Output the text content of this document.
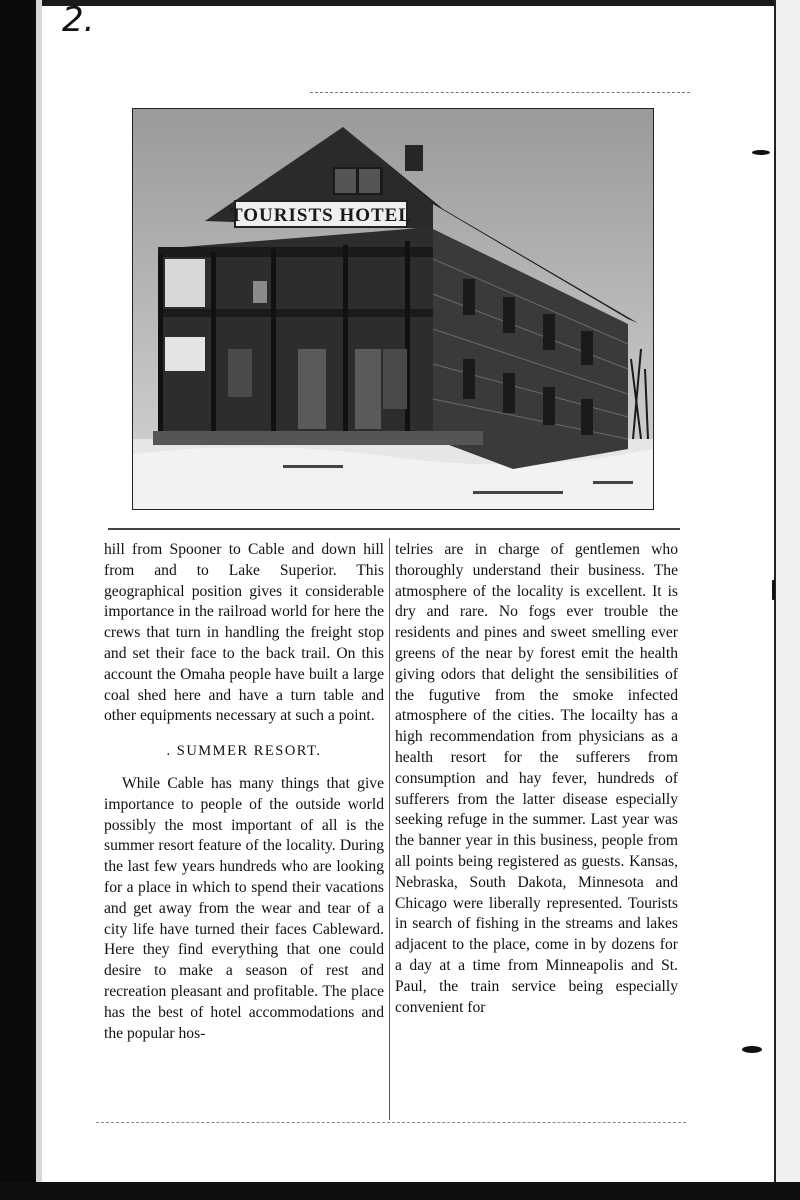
2.
TOURISTS HOTEL

hill from Spooner to Cable and down hill from and to Lake Superior. This geographical position gives it considerable importance in the railroad world for here the crews that turn in handling the freight stop and set their face to the back trail. On this account the Omaha people have built a large coal shed here and have a turn table and other equipments necessary at such a point.

. SUMMER RESORT.

While Cable has many things that give importance to people of the outside world possibly the most important of all is the summer resort feature of the locality. During the last few years hundreds who are looking for a place in which to spend their vacations and get away from the wear and tear of a city life have turned their faces Cableward. Here they find everything that one could desire to make a season of rest and recreation pleasant and profitable. The place has the best of hotel accommodations and the popular hos-

telries are in charge of gentlemen who thoroughly understand their business. The atmosphere of the locality is excellent. It is dry and rare. No fogs ever trouble the residents and pines and sweet smelling ever greens of the near by forest emit the health giving odors that delight the sensibilities of the fugutive from the smoke infected atmosphere of the cities. The locailty has a high recommendation from physicians as a health resort for the sufferers from consumption and hay fever, hundreds of sufferers from the latter disease especially seeking refuge in the summer. Last year was the banner year in this business, people from all points being registered as guests. Kansas, Nebraska, South Dakota, Minnesota and Chicago were liberally represented. Tourists in search of fishing in the streams and lakes adjacent to the place, come in by dozens for a day at a time from Minneapolis and St. Paul, the train service being especially convenient for
